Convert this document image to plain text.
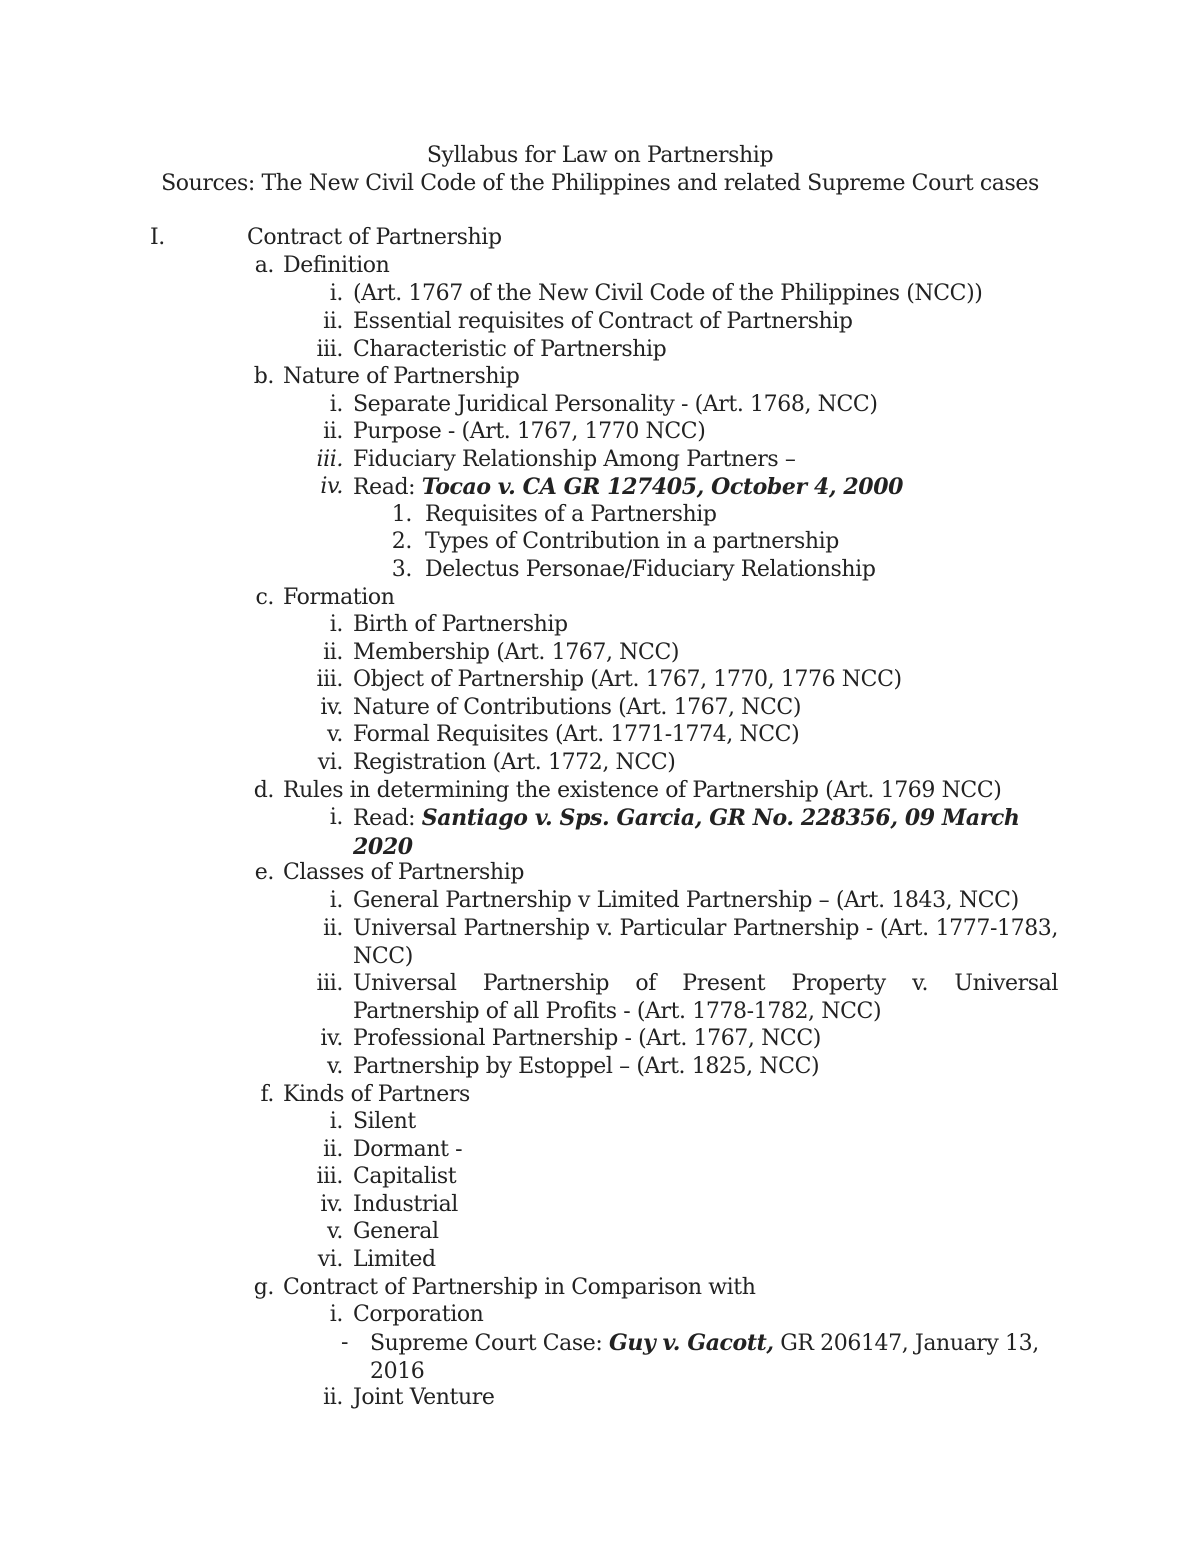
Syllabus for Law on Partnership
Sources: The New Civil Code of the Philippines and related Supreme Court cases
I.	Contract of Partnership
a. Definition
i. (Art. 1767 of the New Civil Code of the Philippines (NCC))
ii. Essential requisites of Contract of Partnership
iii. Characteristic of Partnership
b. Nature of Partnership
i. Separate Juridical Personality - (Art. 1768, NCC)
ii. Purpose - (Art. 1767, 1770 NCC)
iii. Fiduciary Relationship Among Partners –
iv. Read: Tocao v. CA GR 127405, October 4, 2000
1. Requisites of a Partnership
2. Types of Contribution in a partnership
3. Delectus Personae/Fiduciary Relationship
c. Formation
i. Birth of Partnership
ii. Membership (Art. 1767, NCC)
iii. Object of Partnership (Art. 1767, 1770, 1776 NCC)
iv. Nature of Contributions (Art. 1767, NCC)
v. Formal Requisites (Art. 1771-1774, NCC)
vi. Registration (Art. 1772, NCC)
d. Rules in determining the existence of Partnership (Art. 1769 NCC)
i. Read: Santiago v. Sps. Garcia, GR No. 228356, 09 March 2020
e. Classes of Partnership
i. General Partnership v Limited Partnership – (Art. 1843, NCC)
ii. Universal Partnership v. Particular Partnership - (Art. 1777-1783, NCC)
iii. Universal Partnership of Present Property v. Universal Partnership of all Profits - (Art. 1778-1782, NCC)
iv. Professional Partnership - (Art. 1767, NCC)
v. Partnership by Estoppel – (Art. 1825, NCC)
f. Kinds of Partners
i. Silent
ii. Dormant -
iii. Capitalist
iv. Industrial
v. General
vi. Limited
g. Contract of Partnership in Comparison with
i. Corporation
- Supreme Court Case: Guy v. Gacott, GR 206147, January 13, 2016
ii. Joint Venture
